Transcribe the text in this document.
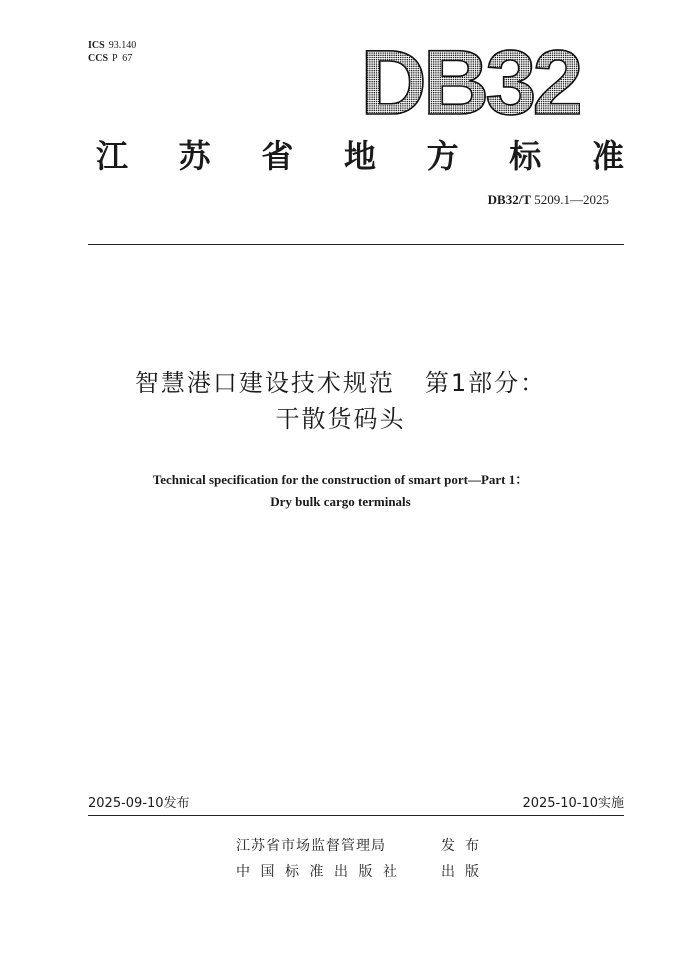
ICS 93.140
CCS P  67 DB32
江 苏 省 地 方 标 准
DB32/T 5209.1—2025
智慧港口建设技术规范 第1部分：
干散货码头
Technical specification for the construction of smart port—Part 1：
Dry bulk cargo terminals
2025-09-10发布	2025-10-10实施
江苏省市场监督管理局	发布
中国标准出版社 出版
